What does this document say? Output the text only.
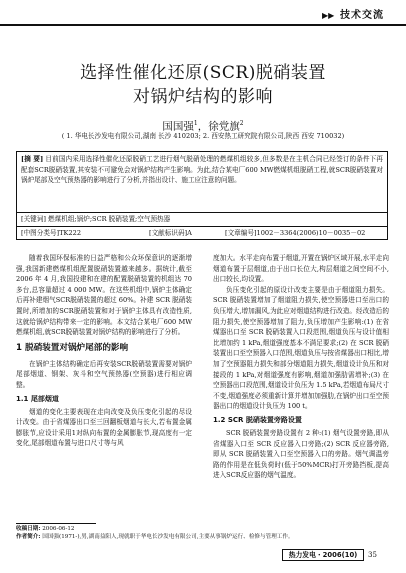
▶▶ 技术交流
选择性催化还原(SCR)脱硝装置
对锅炉结构的影响
国国强$^1$，徐党旗$^2$
( 1. 华电长沙发电有限公司,湖南 长沙 410203; 2. 西安热工研究院有限公司,陕西 西安 710032)
[摘 要] 目前国内采用选择性催化还原脱硝工艺进行烟气脱硝处理的燃煤机组较多,但多数是在主机合同已经签订的条件下再配套SCR脱硝装置,其安装不可避免会对锅炉结构产生影响。为此,结合某电厂600 MW燃煤机组脱硝工程,就SCR脱硝装置对锅炉尾部及空气预热器的影响进行了分析,并指出设计、施工应注意的问题。
[关键词] 燃煤机组;锅炉;SCR 脱硝装置;空气预热器
[中图分类号]TK222	[文献标识码]A	[文章编号]1002－3364(2006)10－0035－02

随着我国环保标准的日益严格和公众环保意识的逐渐增强,我国新建燃煤机组配置脱硝装置越来越多。据统计,截至 2006 年 4 月,我国投建和在建的配置脱硝装置的机组达 70 多台,总容量超过 4 000 MW。在这些机组中,锅炉主体确定后再补建烟气SCR脱硝装置的超过 60%。补建 SCR 脱硝装置时,所增加的SCR脱硝装置和对于锅炉主体具有改造性质,这就给锅炉结构带来一定的影响。本文结合某电厂600 MW燃煤机组,就SCR脱硝装置对锅炉结构的影响进行了分析。

1 脱硝装置对锅炉尾部的影响

在锅炉主体结构确定后再安装SCR脱硝装置需要对锅炉尾部烟道、钢架、灰斗和空气预热器(空预器)进行相应调整。

1.1 尾部烟道

烟道的变化主要表现在走向改变及负压变化引起的尽设计改变。由于省煤器出口至三回翻板烟道与长大,若布置金属膨胀节,应设计采用1对纵向布置的金属膨胀节,现高度有一定变化,尾部烟道布置与进口尺寸等与风

度加大。水平走向布置于烟道,开置在锅炉区域开展,水平走向烟道布置于层烟道,由于出口长位大,构层烟道之间空间不小,出口较长,均设置。

负压变化引起的原设计改变主要是由于烟道阻力损失。SCR 脱硝装置增加了烟道阻力损失,使空预器进口至出口的负压增大,增加漏风,为此应对烟道结构进行改造。经改造后的阻力损失,使空预器增加了阻力,负压增加产生影响:(1) 在省煤器出口至 SCR 脱硝装置入口段范围,烟道负压与设计值相比增加约 1 kPa,烟道强度基本不满足要求;(2) 在 SCR 脱硝装置出口至空预器入口范围,烟道负压与按省煤器出口相比,增加了空预器阻力损失和部分烟道阻力损失,烟道设计负压和对接段的 1 kPa,对烟道强度有影响,烟道加强肋需增补;(3) 在空预器出口段范围,烟道设计负压为 1.5 kPa,若烟道布局尺寸不变,烟道强度必须重新计算并增加加强肋,在锅炉出口至空预器出口的烟道设计负压为 100 t。

1.2 SCR 脱硝装置旁路设置

SCR 脱硝装置旁路设置有 2 种:(1) 烟气设置旁路,即从省煤器入口至 SCR 反应器入口旁路;(2) SCR 反应器旁路,即从 SCR 脱硝装置入口至空预器入口的旁路。烟气调温旁路的作用是在低负荷时(低于50%MCR)打开旁路挡板,提高进入SCR反应器的烟气温度。

收稿日期: 2006-06-12
作者简介: 国国强(1971-),男,湖南益阳人,现就职于华电长沙发电有限公司,主要从事锅炉运行、检修与管理工作。
热力发电・2006(10)	35
